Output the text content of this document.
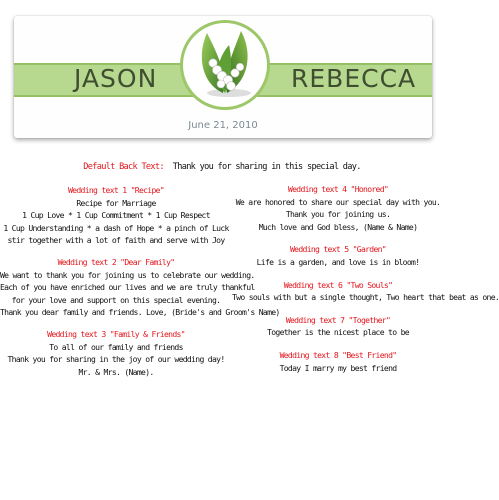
JASON	REBECCA
June 21, 2010
Default Back Text: Thank you for sharing in this special day.
Wedding text 1 "Recipe"
Recipe for Marriage
1 Cup Love * 1 Cup Commitment * 1 Cup Respect
1 Cup Understanding * a dash of Hope * a pinch of Luck
stir together with a lot of faith and serve with Joy
Wedding text 2 "Dear Family"
We want to thank you for joining us to celebrate our wedding.
Each of you have enriched our lives and we are truly thankful
for your love and support on this special evening.
Thank you dear family and friends. Love, (Bride's and Groom's Name)
Wedding text 3 "Family & Friends"
To all of our family and friends
Thank you for sharing in the joy of our wedding day!
Mr. & Mrs. (Name).
Wedding text 4 "Honored"
We are honored to share our special day with you.
Thank you for joining us.
Much love and God bless, (Name & Name)
Wedding text 5 "Garden"
Life is a garden, and love is in bloom!
Wedding text 6 "Two Souls"
Two souls with but a single thought, Two heart that beat as one.
Wedding text 7 "Together"
Together is the nicest place to be
Wedding text 8 "Best Friend"
Today I marry my best friend
